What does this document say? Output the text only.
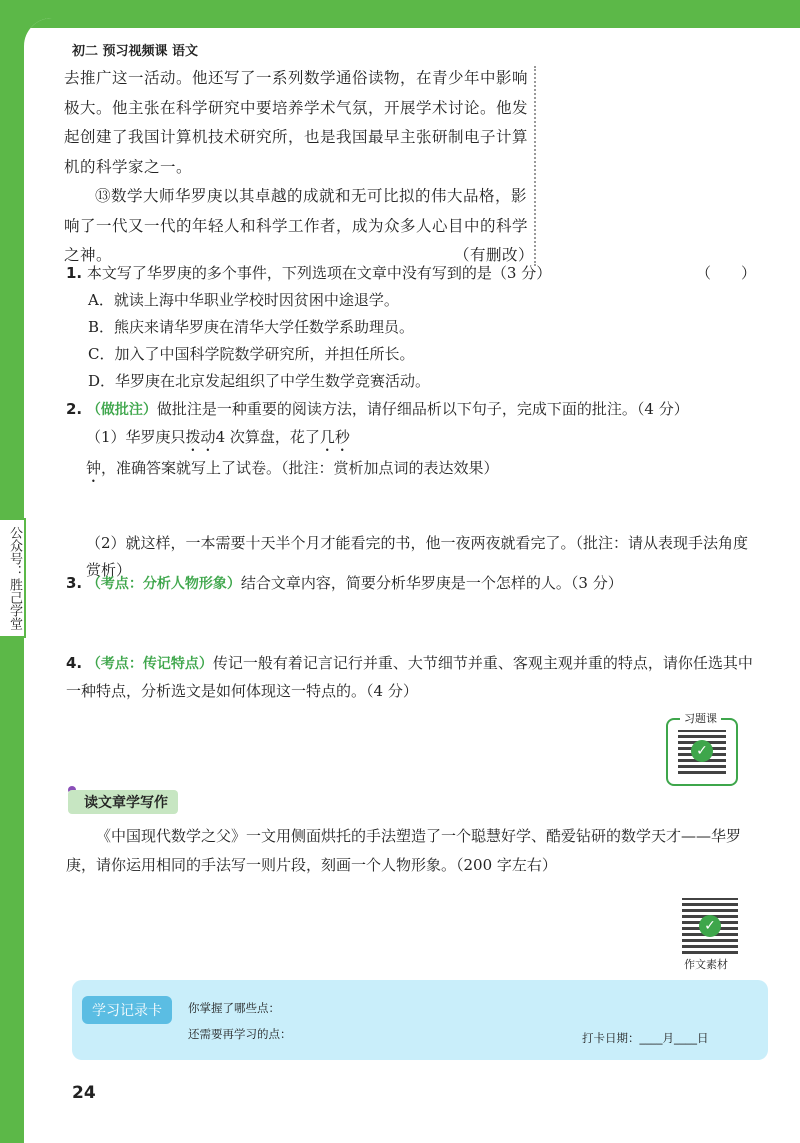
初二 预习视频课 语文

去推广这一活动。他还写了一系列数学通俗读物，在青少年中影响极大。他主张在科学研究中要培养学术气氛，开展学术讨论。他发起创建了我国计算机技术研究所，也是我国最早主张研制电子计算机的科学家之一。

⑬数学大师华罗庚以其卓越的成就和无可比拟的伟大品格，影响了一代又一代的年轻人和科学工作者，成为众多人心目中的科学之神。	（有删改）

1. 本文写了华罗庚的多个事件，下列选项在文章中没有写到的是（3 分）	（　　）
A．就读上海中华职业学校时因贫困中途退学。
B．熊庆来请华罗庚在清华大学任数学系助理员。
C．加入了中国科学院数学研究所，并担任所长。
D．华罗庚在北京发起组织了中学生数学竞赛活动。
2. （做批注）做批注是一种重要的阅读方法，请仔细品析以下句子，完成下面的批注。（4 分）
（1）华罗庚只拨动4 次算盘，花了几秒钟，准确答案就写上了试卷。（批注：赏析加点词的表达效果）
（2）就这样，一本需要十天半个月才能看完的书，他一夜两夜就看完了。（批注：请从表现手法角度赏析）
3. （考点：分析人物形象）结合文章内容，简要分析华罗庚是一个怎样的人。（3 分）
4. （考点：传记特点）传记一般有着记言记行并重、大节细节并重、客观主观并重的特点，请你任选其中一种特点，分析选文是如何体现这一特点的。（4 分）
✓
习题课
读文章学写作

《中国现代数学之父》一文用侧面烘托的手法塑造了一个聪慧好学、酷爱钻研的数学天才——华罗庚，请你运用相同的手法写一则片段，刻画一个人物形象。（200 字左右）

✓
作文素材
学习记录卡	你掌握了哪些点：
还需要再学习的点：	打卡日期：____月____日
24
公众号：胜己学堂
